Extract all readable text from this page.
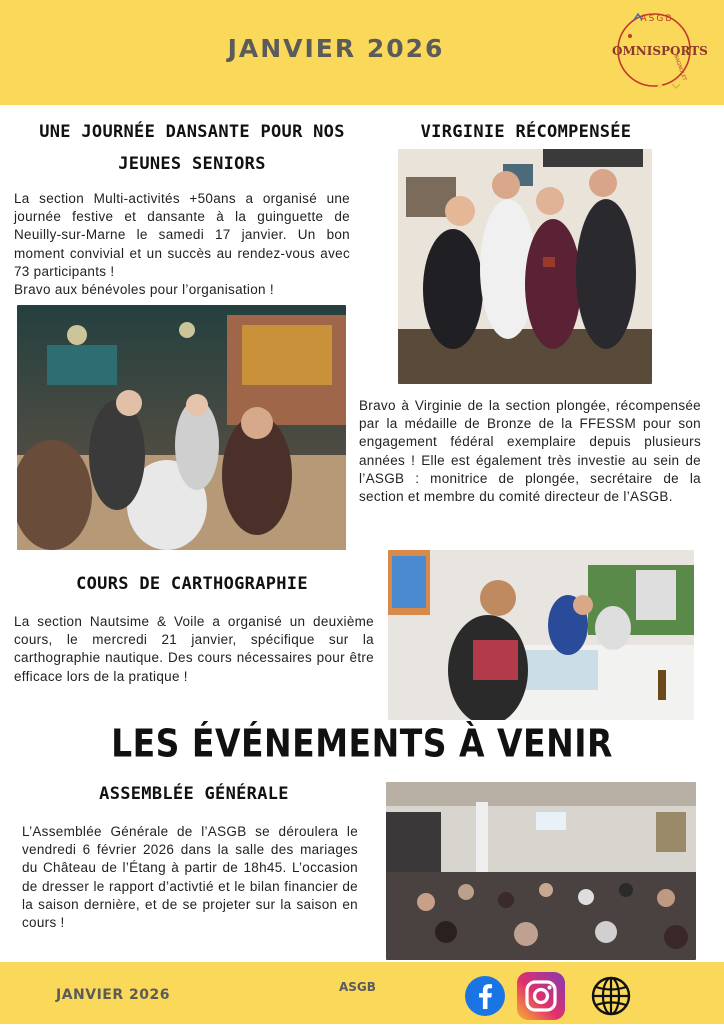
JANVIER 2026
ASGB
OMNISPORTS
BAGNOLET
UNE JOURNÉE DANSANTE POUR NOS
JEUNES SENIORS
La section Multi-activités +50ans a organisé une journée festive et dansante à la guinguette de Neuilly-sur-Marne le samedi 17 janvier. Un bon moment convivial et un succès au rendez-vous avec 73 participants !

Bravo aux bénévoles pour l’organisation !
VIRGINIE RÉCOMPENSÉE
Bravo à Virginie de la section plongée, récompensée par la médaille de Bronze de la FFESSM pour son engagement fédéral exemplaire depuis plusieurs années ! Elle est également très investie au sein de l’ASGB : monitrice de plongée, secrétaire de la section et membre du comité directeur de l’ASGB.
COURS DE CARTHOGRAPHIE
La section Nautsime & Voile a organisé un deuxième cours, le mercredi 21 janvier, spécifique sur la carthographie nautique. Des cours nécessaires pour être efficace lors de la pratique !
LES ÉVÉNEMENTS À VENIR
ASSEMBLÉE GÉNÉRALE
L’Assemblée Générale de l’ASGB se déroulera le vendredi 6 février 2026 dans la salle des mariages du Château de l’Étang à partir de 18h45. L’occasion de dresser le rapport d’activtié et le bilan financier de la saison dernière, et de se projeter sur la saison en cours !
JANVIER 2026	ASGB
